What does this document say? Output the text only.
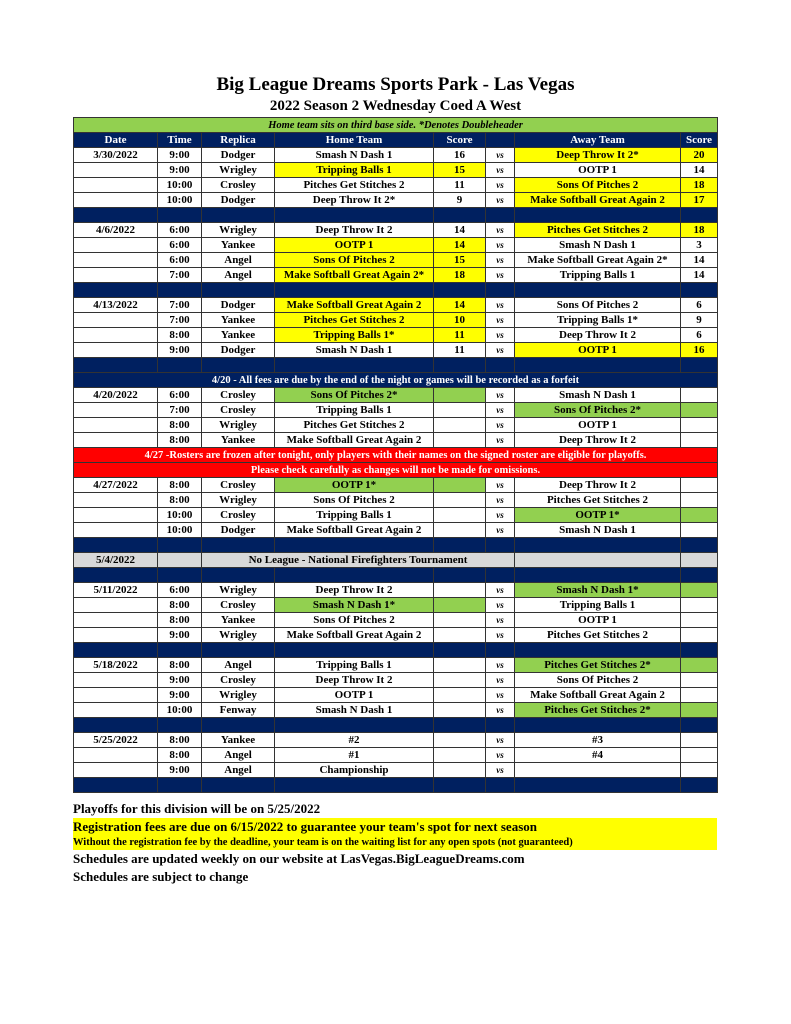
Big League Dreams Sports Park - Las Vegas
2022 Season 2 Wednesday Coed A West
Home team sits on third base side. *Denotes Doubleheader							
Date	Time	Replica	Home Team	Score		Away Team	Score
3/30/2022	9:00	Dodger	Smash N Dash 1	16	vs	Deep Throw It 2*	20
	9:00	Wrigley	Tripping Balls 1	15	vs	OOTP 1	14
	10:00	Crosley	Pitches Get Stitches 2	11	vs	Sons Of Pitches 2	18
	10:00	Dodger	Deep Throw It 2*	9	vs	Make Softball Great Again 2	17

4/6/2022	6:00	Wrigley	Deep Throw It 2	14	vs	Pitches Get Stitches 2	18
	6:00	Yankee	OOTP 1	14	vs	Smash N Dash 1	3
	6:00	Angel	Sons Of Pitches 2	15	vs	Make Softball Great Again 2*	14
	7:00	Angel	Make Softball Great Again 2*	18	vs	Tripping Balls 1	14

4/13/2022	7:00	Dodger	Make Softball Great Again 2	14	vs	Sons Of Pitches 2	6
	7:00	Yankee	Pitches Get Stitches 2	10	vs	Tripping Balls 1*	9
	8:00	Yankee	Tripping Balls 1*	11	vs	Deep Throw It 2	6
	9:00	Dodger	Smash N Dash 1	11	vs	OOTP 1	16

4/20 - All fees are due by the end of the night or games will be recorded as a forfeit							
4/20/2022	6:00	Crosley	Sons Of Pitches 2*		vs	Smash N Dash 1	
	7:00	Crosley	Tripping Balls 1		vs	Sons Of Pitches 2*	
	8:00	Wrigley	Pitches Get Stitches 2		vs	OOTP 1	
	8:00	Yankee	Make Softball Great Again 2		vs	Deep Throw It 2	
4/27 -Rosters are frozen after tonight, only players with their names on the signed roster are eligible for playoffs.							
Please check carefully as changes will not be made for omissions.							
4/27/2022	8:00	Crosley	OOTP 1*		vs	Deep Throw It 2	
	8:00	Wrigley	Sons Of Pitches 2		vs	Pitches Get Stitches 2	
	10:00	Crosley	Tripping Balls 1		vs	OOTP 1*	
	10:00	Dodger	Make Softball Great Again 2		vs	Smash N Dash 1	

5/4/2022		No League - National Firefighters Tournament					

5/11/2022	6:00	Wrigley	Deep Throw It 2		vs	Smash N Dash 1*	
	8:00	Crosley	Smash N Dash 1*		vs	Tripping Balls 1	
	8:00	Yankee	Sons Of Pitches 2		vs	OOTP 1	
	9:00	Wrigley	Make Softball Great Again 2		vs	Pitches Get Stitches 2	

5/18/2022	8:00	Angel	Tripping Balls 1		vs	Pitches Get Stitches 2*	
	9:00	Crosley	Deep Throw It 2		vs	Sons Of Pitches 2	
	9:00	Wrigley	OOTP 1		vs	Make Softball Great Again 2	
	10:00	Fenway	Smash N Dash 1		vs	Pitches Get Stitches 2*	

5/25/2022	8:00	Yankee	#2		vs	#3	
	8:00	Angel	#1		vs	#4	
	9:00	Angel	Championship		vs		

Playoffs for this division will be on 5/25/2022
Registration fees are due on 6/15/2022 to guarantee your team's spot for next season
Without the registration fee by the deadline, your team is on the waiting list for any open spots (not guaranteed)
Schedules are updated weekly on our website at LasVegas.BigLeagueDreams.com
Schedules are subject to change
